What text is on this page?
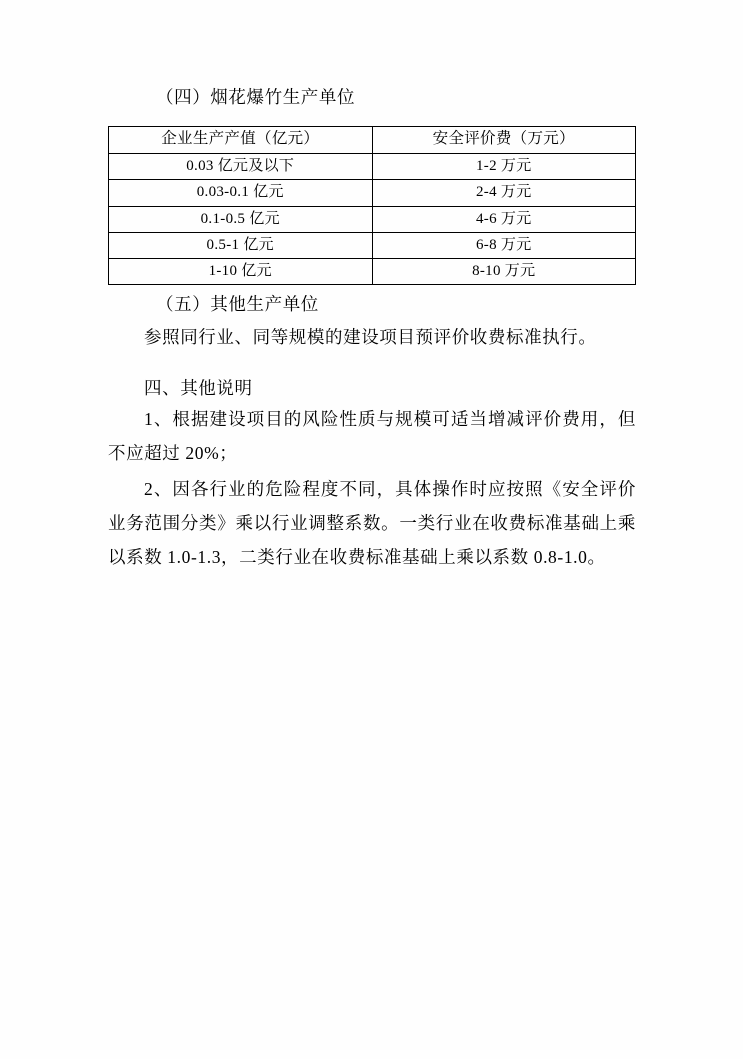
（四）烟花爆竹生产单位
企业生产产值（亿元）	安全评价费（万元）
0.03 亿元及以下	1-2 万元
0.03-0.1 亿元	2-4 万元
0.1-0.5 亿元	4-6 万元
0.5-1 亿元	6-8 万元
1-10 亿元	8-10 万元
（五）其他生产单位

参照同行业、同等规模的建设项目预评价收费标准执行。

四、其他说明

1、根据建设项目的风险性质与规模可适当增减评价费用，但不应超过 20%；

2、因各行业的危险程度不同，具体操作时应按照《安全评价业务范围分类》乘以行业调整系数。一类行业在收费标准基础上乘以系数 1.0-1.3，二类行业在收费标准基础上乘以系数 0.8-1.0。
